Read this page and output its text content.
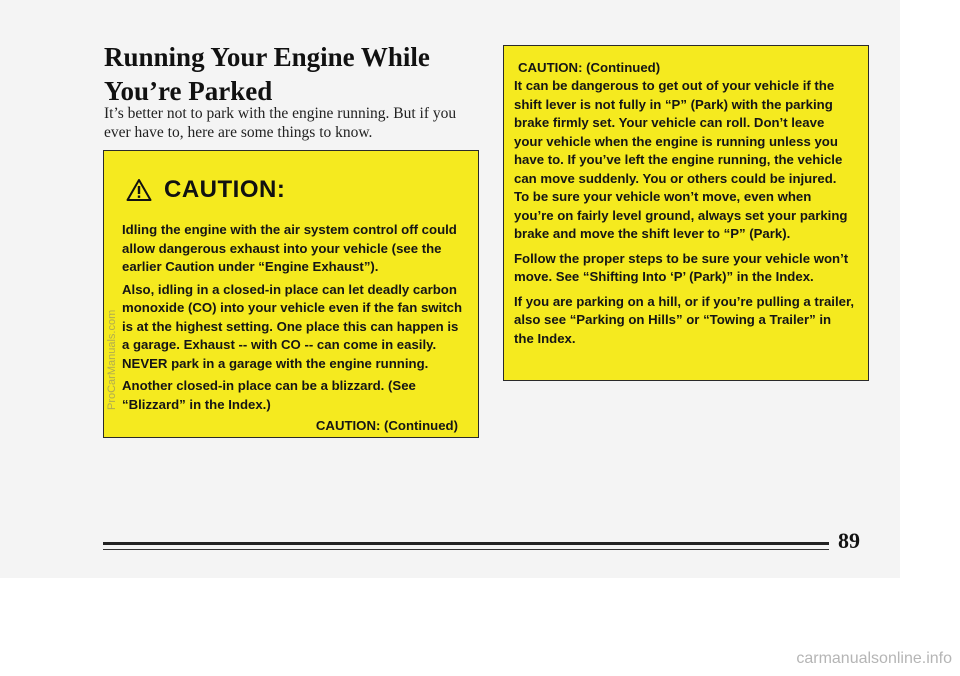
Running Your Engine While You’re Parked

It’s better not to park with the engine running. But if you ever have to, here are some things to know.

CAUTION:

Idling the engine with the air system control off could allow dangerous exhaust into your vehicle (see the earlier Caution under “Engine Exhaust”).

Also, idling in a closed-in place can let deadly carbon monoxide (CO) into your vehicle even if the fan switch is at the highest setting. One place this can happen is a garage. Exhaust -- with CO -- can come in easily. NEVER park in a garage with the engine running.

Another closed-in place can be a blizzard. (See “Blizzard” in the Index.)

CAUTION: (Continued)
ProCarManuals.com
CAUTION: (Continued)

It can be dangerous to get out of your vehicle if the shift lever is not fully in “P” (Park) with the parking brake firmly set. Your vehicle can roll. Don’t leave your vehicle when the engine is running unless you have to. If you’ve left the engine running, the vehicle can move suddenly. You or others could be injured. To be sure your vehicle won’t move, even when you’re on fairly level ground, always set your parking brake and move the shift lever to “P” (Park).

Follow the proper steps to be sure your vehicle won’t move. See “Shifting Into ‘P’ (Park)” in the Index.

If you are parking on a hill, or if you’re pulling a trailer, also see “Parking on Hills” or “Towing a Trailer” in the Index.

89
carmanualsonline.info
